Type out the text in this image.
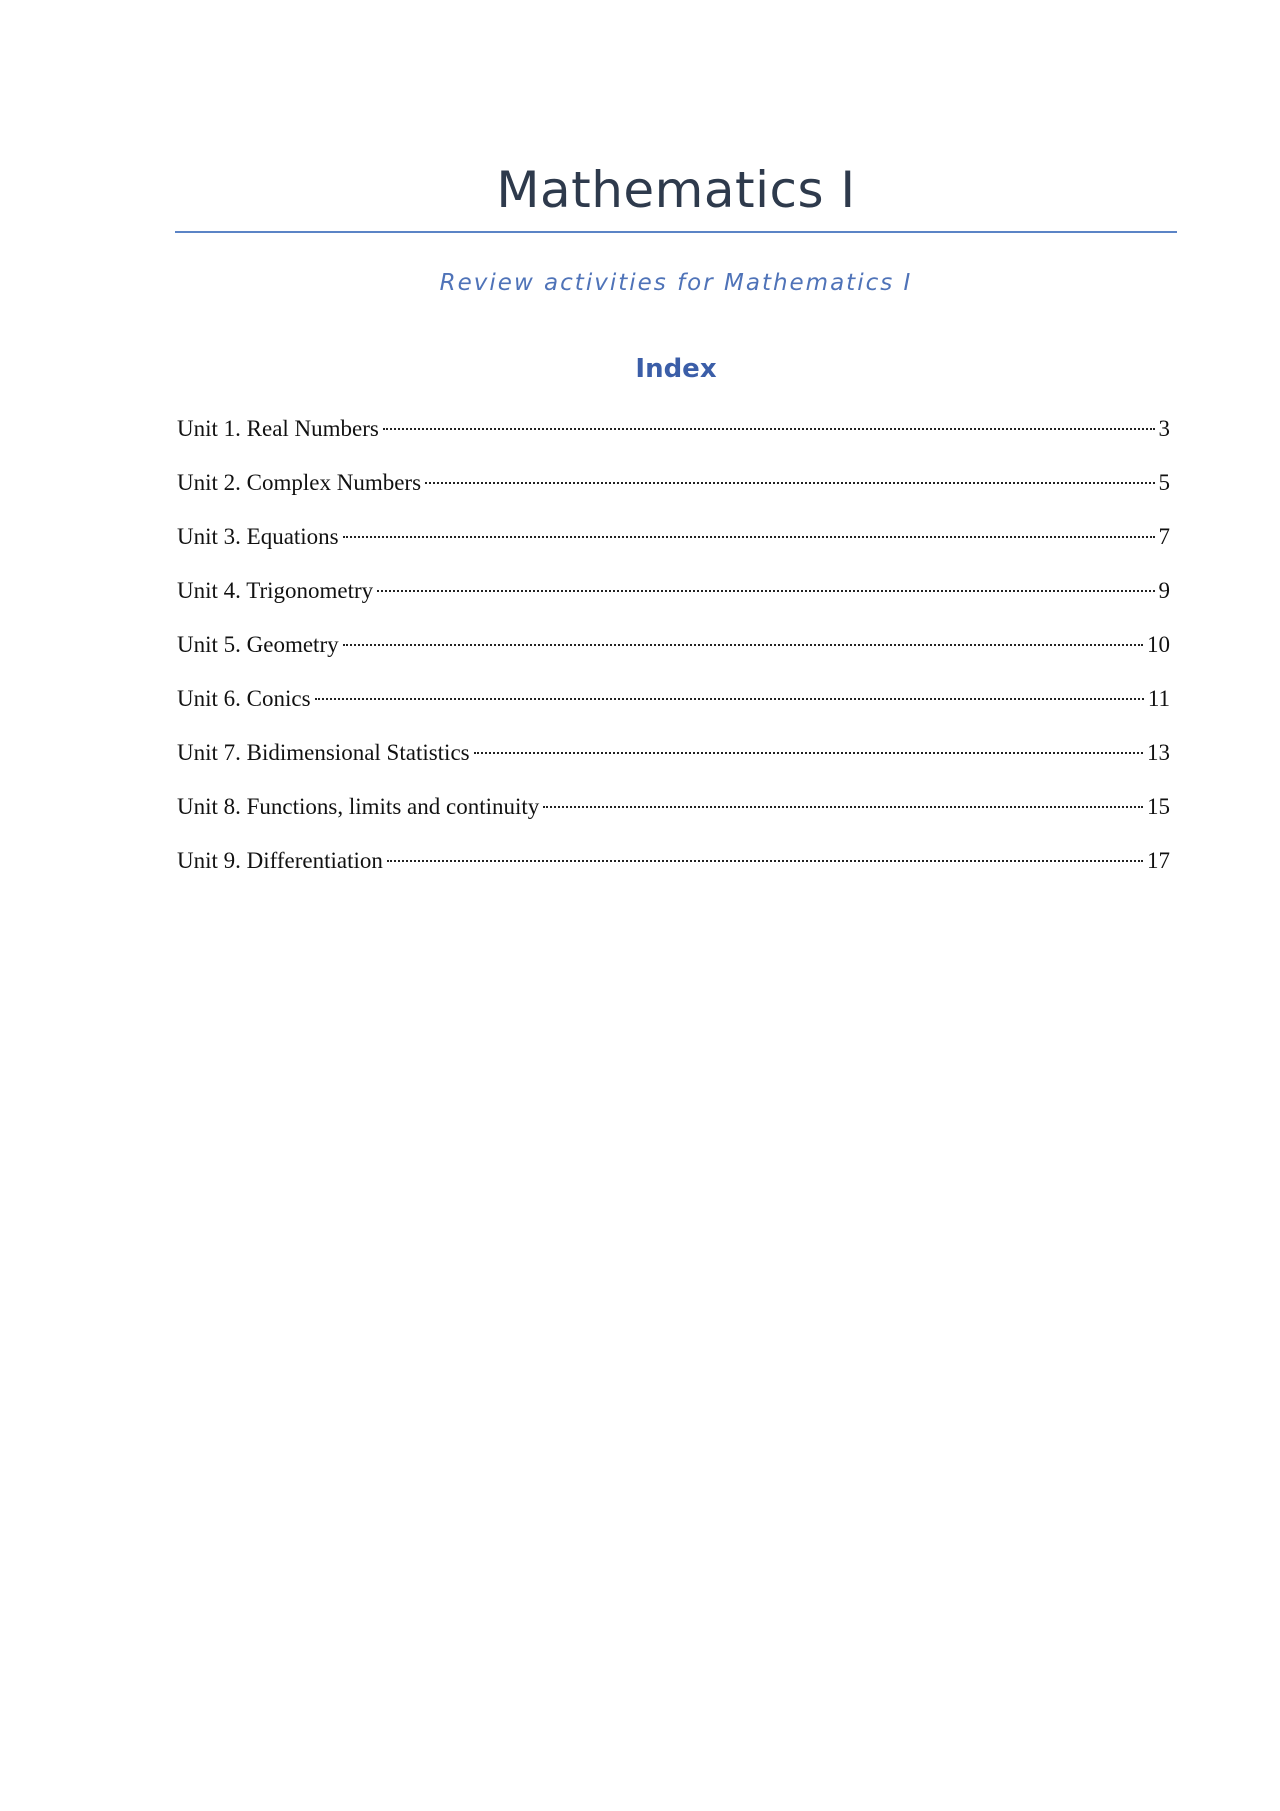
Mathematics I
Review activities for Mathematics I
Index
Unit 1. Real Numbers	3
Unit 2. Complex Numbers	5
Unit 3. Equations	7
Unit 4. Trigonometry	9
Unit 5. Geometry	10
Unit 6. Conics	11
Unit 7. Bidimensional Statistics	13
Unit 8. Functions, limits and continuity	15
Unit 9. Differentiation	17
